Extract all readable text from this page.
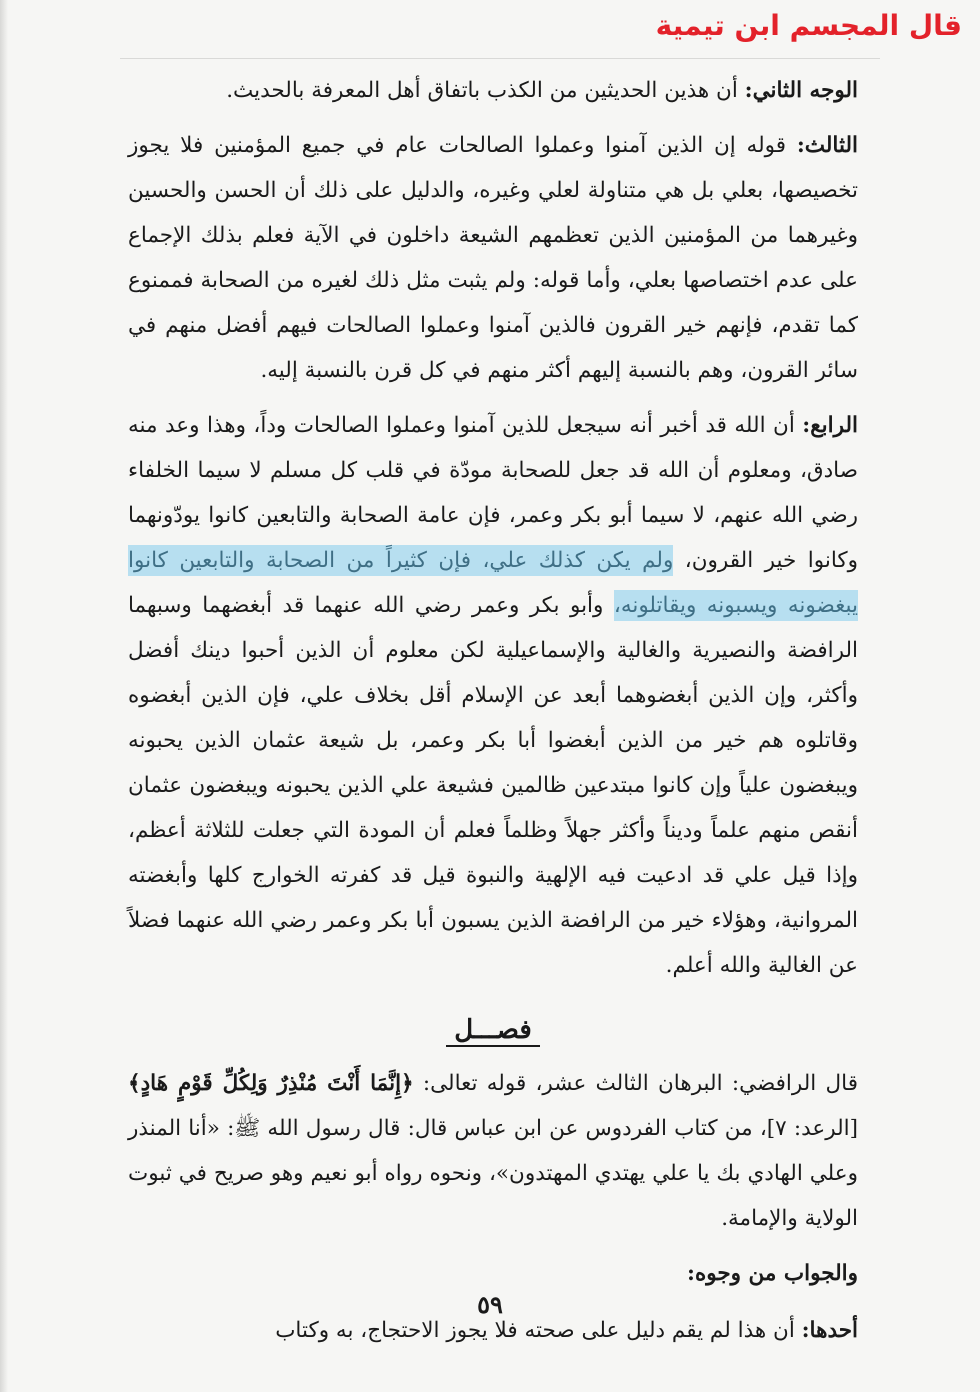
قال المجسم ابن تيمية

الوجه الثاني: أن هذين الحديثين من الكذب باتفاق أهل المعرفة بالحديث.

الثالث: قوله إن الذين آمنوا وعملوا الصالحات عام في جميع المؤمنين فلا يجوز تخصيصها، بعلي بل هي متناولة لعلي وغيره، والدليل على ذلك أن الحسن والحسين وغيرهما من المؤمنين الذين تعظمهم الشيعة داخلون في الآية فعلم بذلك الإجماع على عدم اختصاصها بعلي، وأما قوله: ولم يثبت مثل ذلك لغيره من الصحابة فممنوع كما تقدم، فإنهم خير القرون فالذين آمنوا وعملوا الصالحات فيهم أفضل منهم في سائر القرون، وهم بالنسبة إليهم أكثر منهم في كل قرن بالنسبة إليه.

الرابع: أن الله قد أخبر أنه سيجعل للذين آمنوا وعملوا الصالحات وداً، وهذا وعد منه صادق، ومعلوم أن الله قد جعل للصحابة مودّة في قلب كل مسلم لا سيما الخلفاء رضي الله عنهم، لا سيما أبو بكر وعمر، فإن عامة الصحابة والتابعين كانوا يودّونهما وكانوا خير القرون، ولم يكن كذلك علي، فإن كثيراً من الصحابة والتابعين كانوا يبغضونه ويسبونه ويقاتلونه، وأبو بكر وعمر رضي الله عنهما قد أبغضهما وسبهما الرافضة والنصيرية والغالية والإسماعيلية لكن معلوم أن الذين أحبوا دينك أفضل وأكثر، وإن الذين أبغضوهما أبعد عن الإسلام أقل بخلاف علي، فإن الذين أبغضوه وقاتلوه هم خير من الذين أبغضوا أبا بكر وعمر، بل شيعة عثمان الذين يحبونه ويبغضون علياً وإن كانوا مبتدعين ظالمين فشيعة علي الذين يحبونه ويبغضون عثمان أنقص منهم علماً وديناً وأكثر جهلاً وظلماً فعلم أن المودة التي جعلت للثلاثة أعظم، وإذا قيل علي قد ادعيت فيه الإلهية والنبوة قيل قد كفرته الخوارج كلها وأبغضته المروانية، وهؤلاء خير من الرافضة الذين يسبون أبا بكر وعمر رضي الله عنهما فضلاً عن الغالية والله أعلم.

فصـــل

قال الرافضي: البرهان الثالث عشر، قوله تعالى: ﴿إِنَّمَا أَنْتَ مُنْذِرٌ وَلِكُلِّ قَوْمٍ هَادٍ﴾ [الرعد: ٧]، من كتاب الفردوس عن ابن عباس قال: قال رسول الله ﷺ: «أنا المنذر وعلي الهادي بك يا علي يهتدي المهتدون»، ونحوه رواه أبو نعيم وهو صريح في ثبوت الولاية والإمامة.

والجواب من وجوه:

أحدها: أن هذا لم يقم دليل على صحته فلا يجوز الاحتجاج، به وكتاب

٥٩
